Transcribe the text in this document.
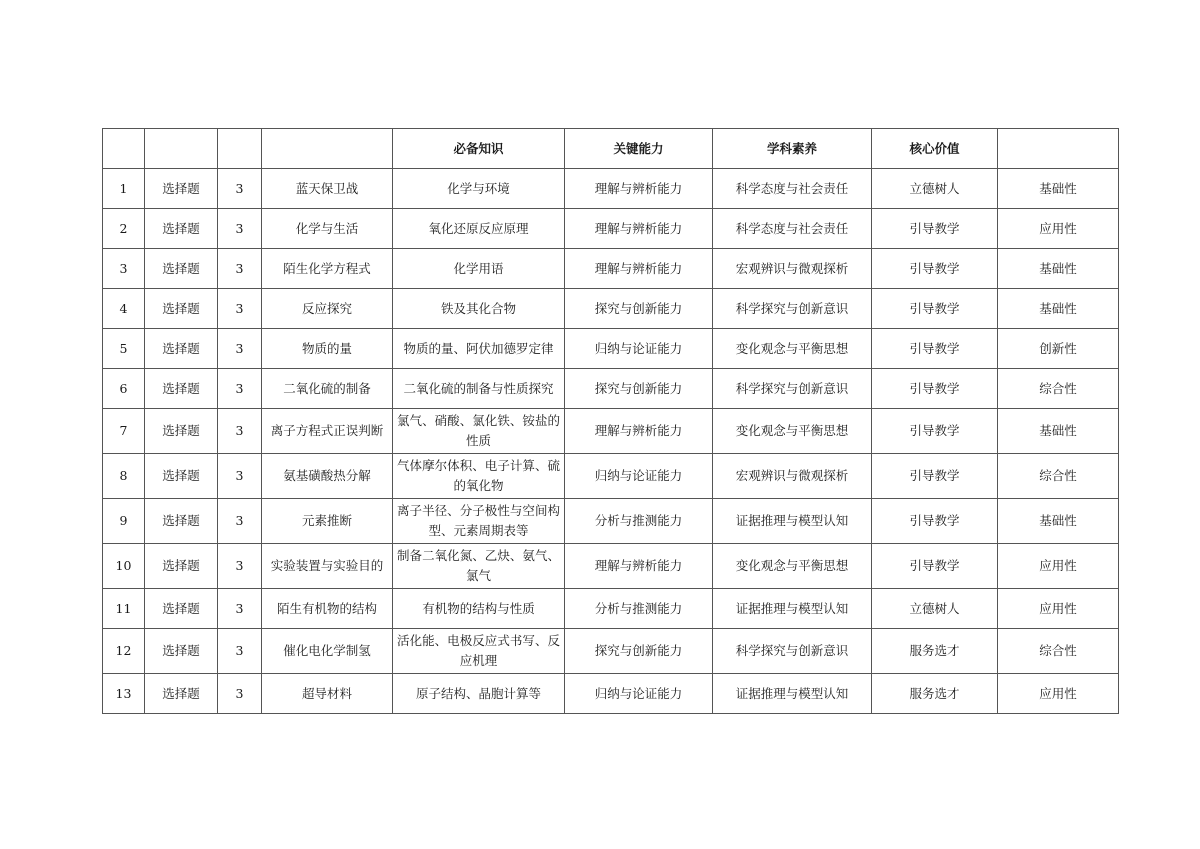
				必备知识	关键能力	学科素养	核心价值	
1	选择题	3	蓝天保卫战	化学与环境	理解与辨析能力	科学态度与社会责任	立德树人	基础性
2	选择题	3	化学与生活	氧化还原反应原理	理解与辨析能力	科学态度与社会责任	引导教学	应用性
3	选择题	3	陌生化学方程式	化学用语	理解与辨析能力	宏观辨识与微观探析	引导教学	基础性
4	选择题	3	反应探究	铁及其化合物	探究与创新能力	科学探究与创新意识	引导教学	基础性
5	选择题	3	物质的量	物质的量、阿伏加德罗定律	归纳与论证能力	变化观念与平衡思想	引导教学	创新性
6	选择题	3	二氧化硫的制备	二氧化硫的制备与性质探究	探究与创新能力	科学探究与创新意识	引导教学	综合性
7	选择题	3	离子方程式正误判断	氯气、硝酸、氯化铁、铵盐的性质	理解与辨析能力	变化观念与平衡思想	引导教学	基础性
8	选择题	3	氨基磺酸热分解	气体摩尔体积、电子计算、硫的氧化物	归纳与论证能力	宏观辨识与微观探析	引导教学	综合性
9	选择题	3	元素推断	离子半径、分子极性与空间构型、元素周期表等	分析与推测能力	证据推理与模型认知	引导教学	基础性
10	选择题	3	实验装置与实验目的	制备二氧化氮、乙炔、氨气、氯气	理解与辨析能力	变化观念与平衡思想	引导教学	应用性
11	选择题	3	陌生有机物的结构	有机物的结构与性质	分析与推测能力	证据推理与模型认知	立德树人	应用性
12	选择题	3	催化电化学制氢	活化能、电极反应式书写、反应机理	探究与创新能力	科学探究与创新意识	服务选才	综合性
13	选择题	3	超导材料	原子结构、晶胞计算等	归纳与论证能力	证据推理与模型认知	服务选才	应用性
